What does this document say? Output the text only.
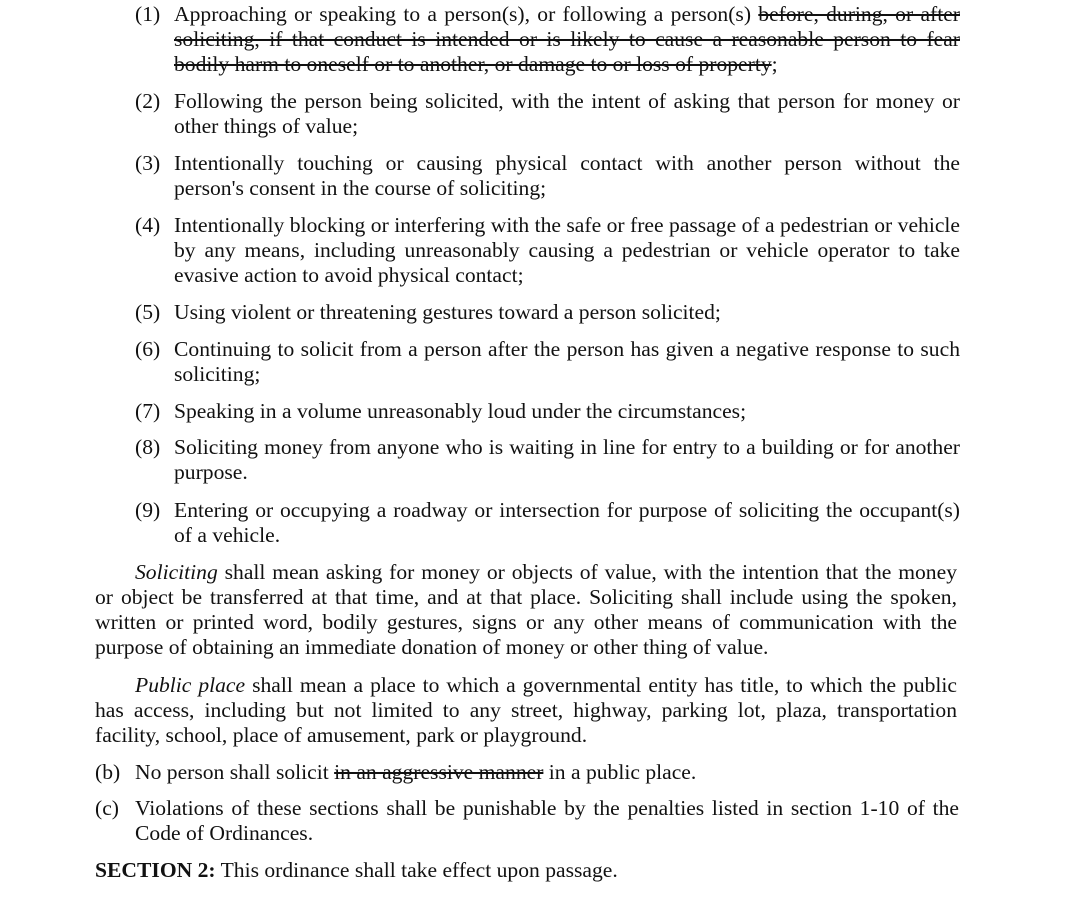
(1) Approaching or speaking to a person(s), or following a person(s) before, during, or after soliciting, if that conduct is intended or is likely to cause a reasonable person to fear bodily harm to oneself or to another, or damage to or loss of property;
(2) Following the person being solicited, with the intent of asking that person for money or other things of value;
(3) Intentionally touching or causing physical contact with another person without the person's consent in the course of soliciting;
(4) Intentionally blocking or interfering with the safe or free passage of a pedestrian or vehicle by any means, including unreasonably causing a pedestrian or vehicle operator to take evasive action to avoid physical contact;
(5) Using violent or threatening gestures toward a person solicited;
(6) Continuing to solicit from a person after the person has given a negative response to such soliciting;
(7) Speaking in a volume unreasonably loud under the circumstances;
(8) Soliciting money from anyone who is waiting in line for entry to a building or for another purpose.
(9) Entering or occupying a roadway or intersection for purpose of soliciting the occupant(s) of a vehicle.
Soliciting shall mean asking for money or objects of value, with the intention that the money or object be transferred at that time, and at that place. Soliciting shall include using the spoken, written or printed word, bodily gestures, signs or any other means of communication with the purpose of obtaining an immediate donation of money or other thing of value.
Public place shall mean a place to which a governmental entity has title, to which the public has access, including but not limited to any street, highway, parking lot, plaza, transportation facility, school, place of amusement, park or playground.
(b) No person shall solicit in an aggressive manner in a public place.
(c) Violations of these sections shall be punishable by the penalties listed in section 1-10 of the Code of Ordinances.
SECTION 2: This ordinance shall take effect upon passage.
